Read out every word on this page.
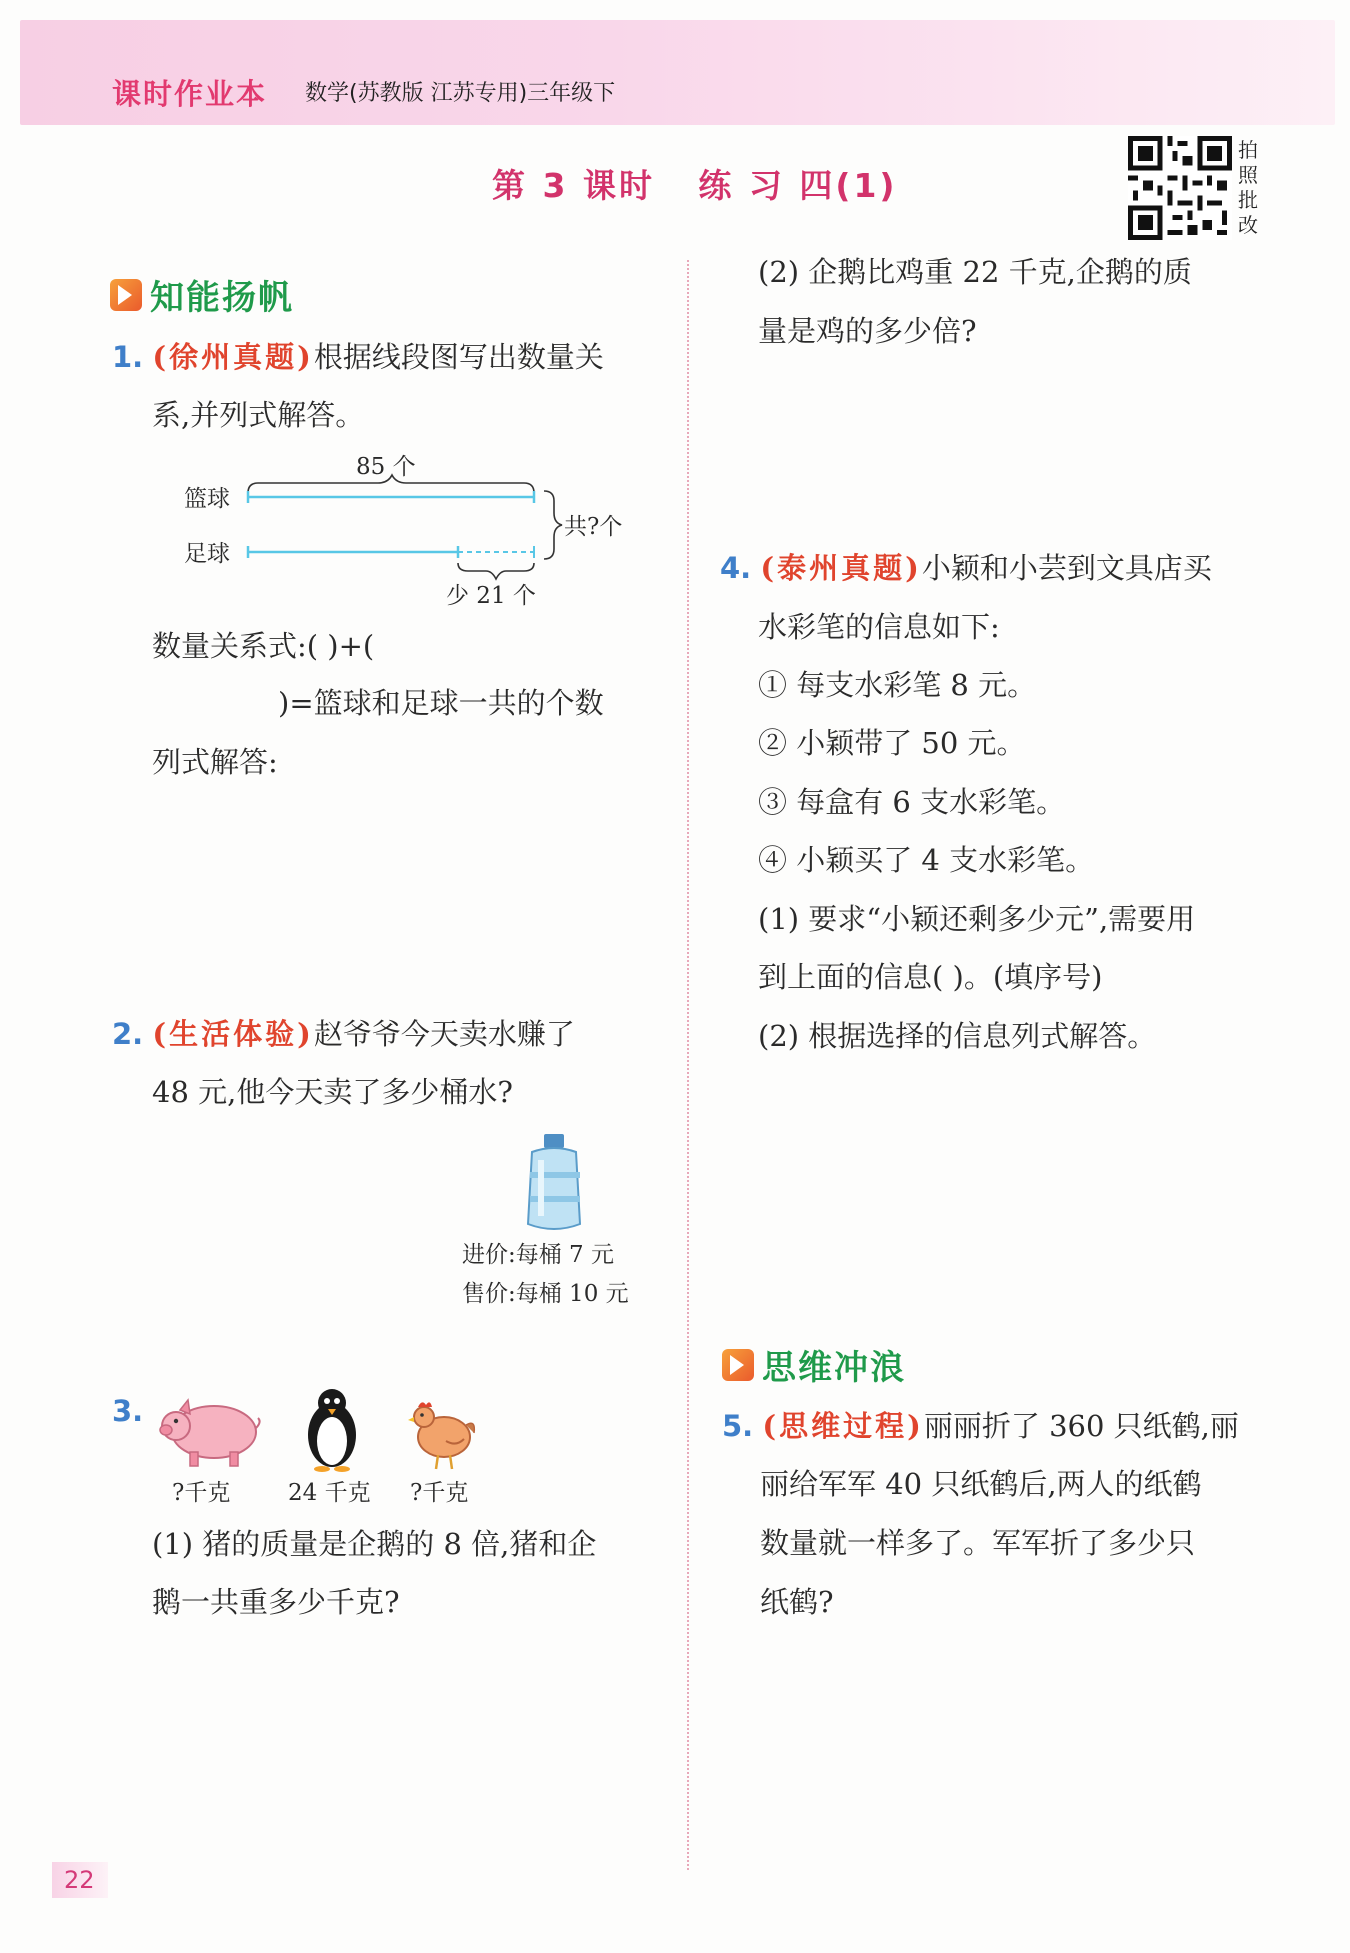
课时作业本 数学(苏教版 江苏专用)三年级下
第 3 课时   练 习 四(1)
拍照批改
知能扬帆
1. (徐州真题)根据线段图写出数量关
系,并列式解答。
85 个
篮球
足球
共?个
少 21 个
数量关系式:( )+(
)=篮球和足球一共的个数
列式解答:
2. (生活体验)赵爷爷今天卖水赚了
48 元,他今天卖了多少桶水?
进价:每桶 7 元
售价:每桶 10 元
3.
?千克	24 千克 ?千克
(1) 猪的质量是企鹅的 8 倍,猪和企
鹅一共重多少千克?
(2) 企鹅比鸡重 22 千克,企鹅的质
量是鸡的多少倍?
4. (泰州真题)小颖和小芸到文具店买
水彩笔的信息如下:
① 每支水彩笔 8 元。
② 小颖带了 50 元。
③ 每盒有 6 支水彩笔。
④ 小颖买了 4 支水彩笔。
(1) 要求“小颖还剩多少元”,需要用
到上面的信息( )。(填序号)
(2) 根据选择的信息列式解答。
思维冲浪
5. (思维过程)丽丽折了 360 只纸鹤,丽
丽给军军 40 只纸鹤后,两人的纸鹤
数量就一样多了。军军折了多少只
纸鹤?
22
